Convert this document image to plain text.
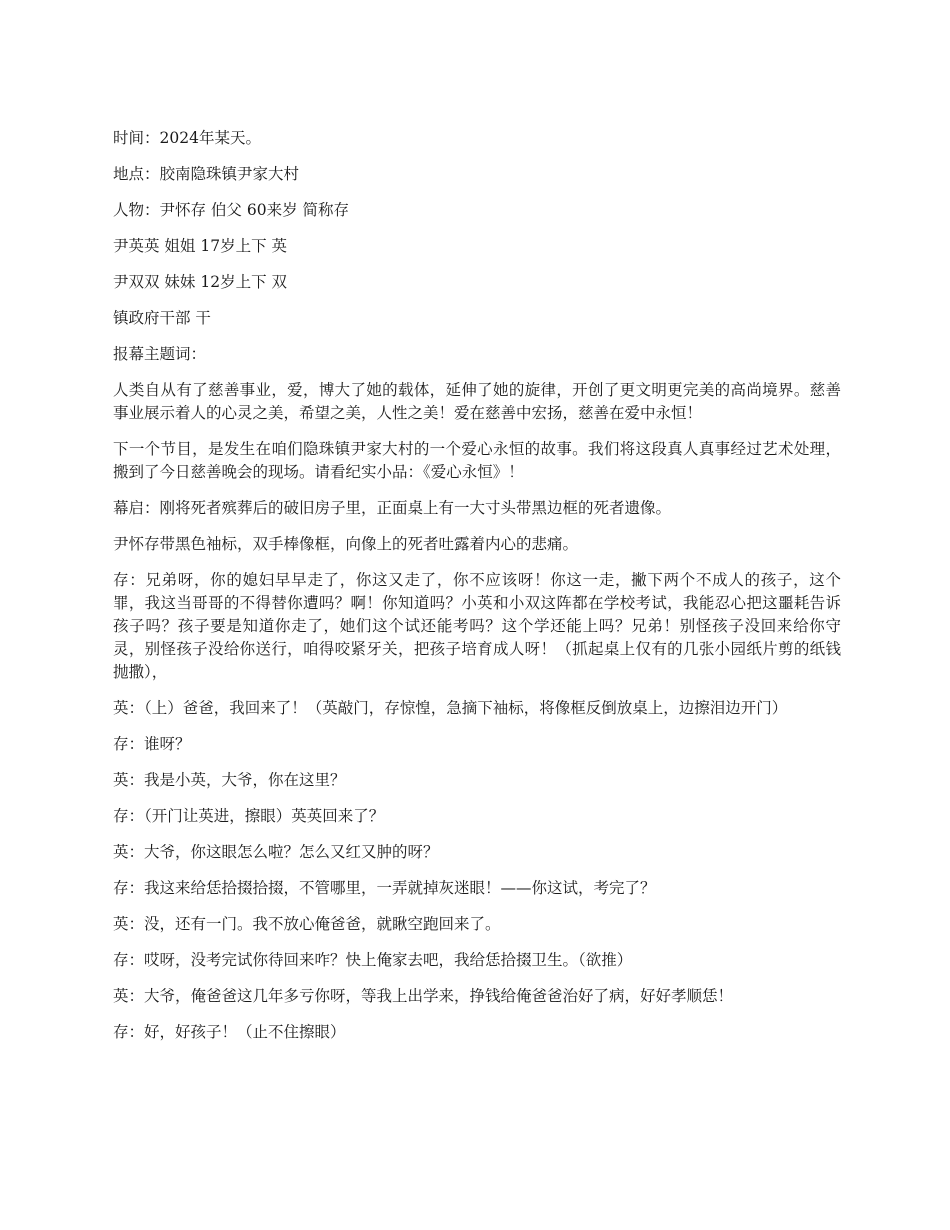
时间：2024年某天。

地点：胶南隐珠镇尹家大村

人物：尹怀存 伯父 60来岁 简称存

尹英英 姐姐 17岁上下 英

尹双双 妹妹 12岁上下 双

镇政府干部 干

报幕主题词：

人类自从有了慈善事业，爱，博大了她的载体，延伸了她的旋律，开创了更文明更完美的高尚境界。慈善事业展示着人的心灵之美，希望之美，人性之美！爱在慈善中宏扬，慈善在爱中永恒！

下一个节目，是发生在咱们隐珠镇尹家大村的一个爱心永恒的故事。我们将这段真人真事经过艺术处理，搬到了今日慈善晚会的现场。请看纪实小品：《爱心永恒》！

幕启：刚将死者殡葬后的破旧房子里，正面桌上有一大寸头带黑边框的死者遗像。

尹怀存带黑色袖标，双手棒像框，向像上的死者吐露着内心的悲痛。

存：兄弟呀，你的媳妇早早走了，你这又走了，你不应该呀！你这一走，撇下两个不成人的孩子，这个罪，我这当哥哥的不得替你遭吗？啊！你知道吗？小英和小双这阵都在学校考试，我能忍心把这噩耗告诉孩子吗？孩子要是知道你走了，她们这个试还能考吗？这个学还能上吗？兄弟！别怪孩子没回来给你守灵，别怪孩子没给你送行，咱得咬紧牙关，把孩子培育成人呀！（抓起桌上仅有的几张小园纸片剪的纸钱抛撒），

英：（上）爸爸，我回来了！（英敲门，存惊惶，急摘下袖标，将像框反倒放桌上，边擦泪边开门）

存：谁呀？

英：我是小英，大爷，你在这里？

存：（开门让英进，擦眼）英英回来了？

英：大爷，你这眼怎么啦？怎么又红又肿的呀？

存：我这来给恁拾掇拾掇，不管哪里，一弄就掉灰迷眼！——你这试，考完了？

英：没，还有一门。我不放心俺爸爸，就瞅空跑回来了。

存：哎呀，没考完试你待回来咋？快上俺家去吧，我给恁拾掇卫生。（欲推）

英：大爷，俺爸爸这几年多亏你呀，等我上出学来，挣钱给俺爸爸治好了病，好好孝顺恁！

存：好，好孩子！（止不住擦眼）
